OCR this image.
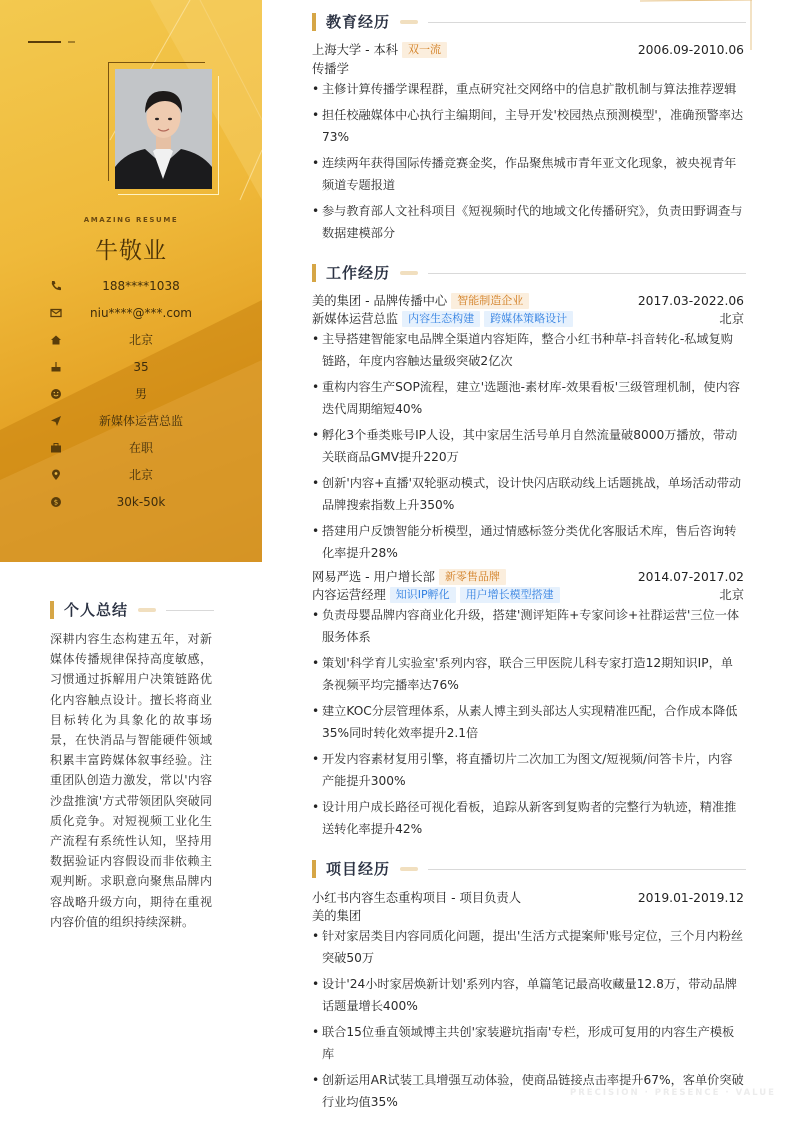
AMAZING RESUME
牛敬业
188****1038
niu****@***.com
北京
35
男
新媒体运营总监
在职
北京
$	30k-50k
个人总结
深耕内容生态构建五年，对新媒体传播规律保持高度敏感，习惯通过拆解用户决策链路优化内容触点设计。擅长将商业目标转化为具象化的故事场景，在快消品与智能硬件领域积累丰富跨媒体叙事经验。注重团队创造力激发，常以'内容沙盘推演'方式带领团队突破同质化竞争。对短视频工业化生产流程有系统性认知，坚持用数据验证内容假设而非依赖主观判断。求职意向聚焦品牌内容战略升级方向，期待在重视内容价值的组织持续深耕。
教育经历
上海大学 - 本科 双一流	2006.09-2010.06
传播学
• 主修计算传播学课程群，重点研究社交网络中的信息扩散机制与算法推荐逻辑
• 担任校融媒体中心执行主编期间，主导开发'校园热点预测模型'，准确预警率达73%
• 连续两年获得国际传播竞赛金奖，作品聚焦城市青年亚文化现象，被央视青年频道专题报道
• 参与教育部人文社科项目《短视频时代的地域文化传播研究》，负责田野调查与数据建模部分
工作经历
美的集团 - 品牌传播中心 智能制造企业	2017.03-2022.06
新媒体运营总监 内容生态构建 跨媒体策略设计	北京
• 主导搭建智能家电品牌全渠道内容矩阵，整合小红书种草-抖音转化-私域复购链路，年度内容触达量级突破2亿次
• 重构内容生产SOP流程，建立'选题池-素材库-效果看板'三级管理机制，使内容迭代周期缩短40%
• 孵化3个垂类账号IP人设，其中家居生活号单月自然流量破8000万播放，带动关联商品GMV提升220万
• 创新'内容+直播'双轮驱动模式，设计快闪店联动线上话题挑战，单场活动带动品牌搜索指数上升350%
• 搭建用户反馈智能分析模型，通过情感标签分类优化客服话术库，售后咨询转化率提升28%
网易严选 - 用户增长部 新零售品牌	2014.07-2017.02
内容运营经理 知识IP孵化 用户增长模型搭建	北京
• 负责母婴品牌内容商业化升级，搭建'测评矩阵+专家问诊+社群运营'三位一体服务体系
• 策划'科学育儿实验室'系列内容，联合三甲医院儿科专家打造12期知识IP，单条视频平均完播率达76%
• 建立KOC分层管理体系，从素人博主到头部达人实现精准匹配，合作成本降低35%同时转化效率提升2.1倍
• 开发内容素材复用引擎，将直播切片二次加工为图文/短视频/问答卡片，内容产能提升300%
• 设计用户成长路径可视化看板，追踪从新客到复购者的完整行为轨迹，精准推送转化率提升42%
项目经历
小红书内容生态重构项目 - 项目负责人	2019.01-2019.12
美的集团
• 针对家居类目内容同质化问题，提出'生活方式提案师'账号定位，三个月内粉丝突破50万
• 设计'24小时家居焕新计划'系列内容，单篇笔记最高收藏量12.8万，带动品牌话题量增长400%
• 联合15位垂直领域博主共创'家装避坑指南'专栏，形成可复用的内容生产模板库
• 创新运用AR试装工具增强互动体验，使商品链接点击率提升67%，客单价突破行业均值35%
PRECISION · PRESENCE · VALUE
